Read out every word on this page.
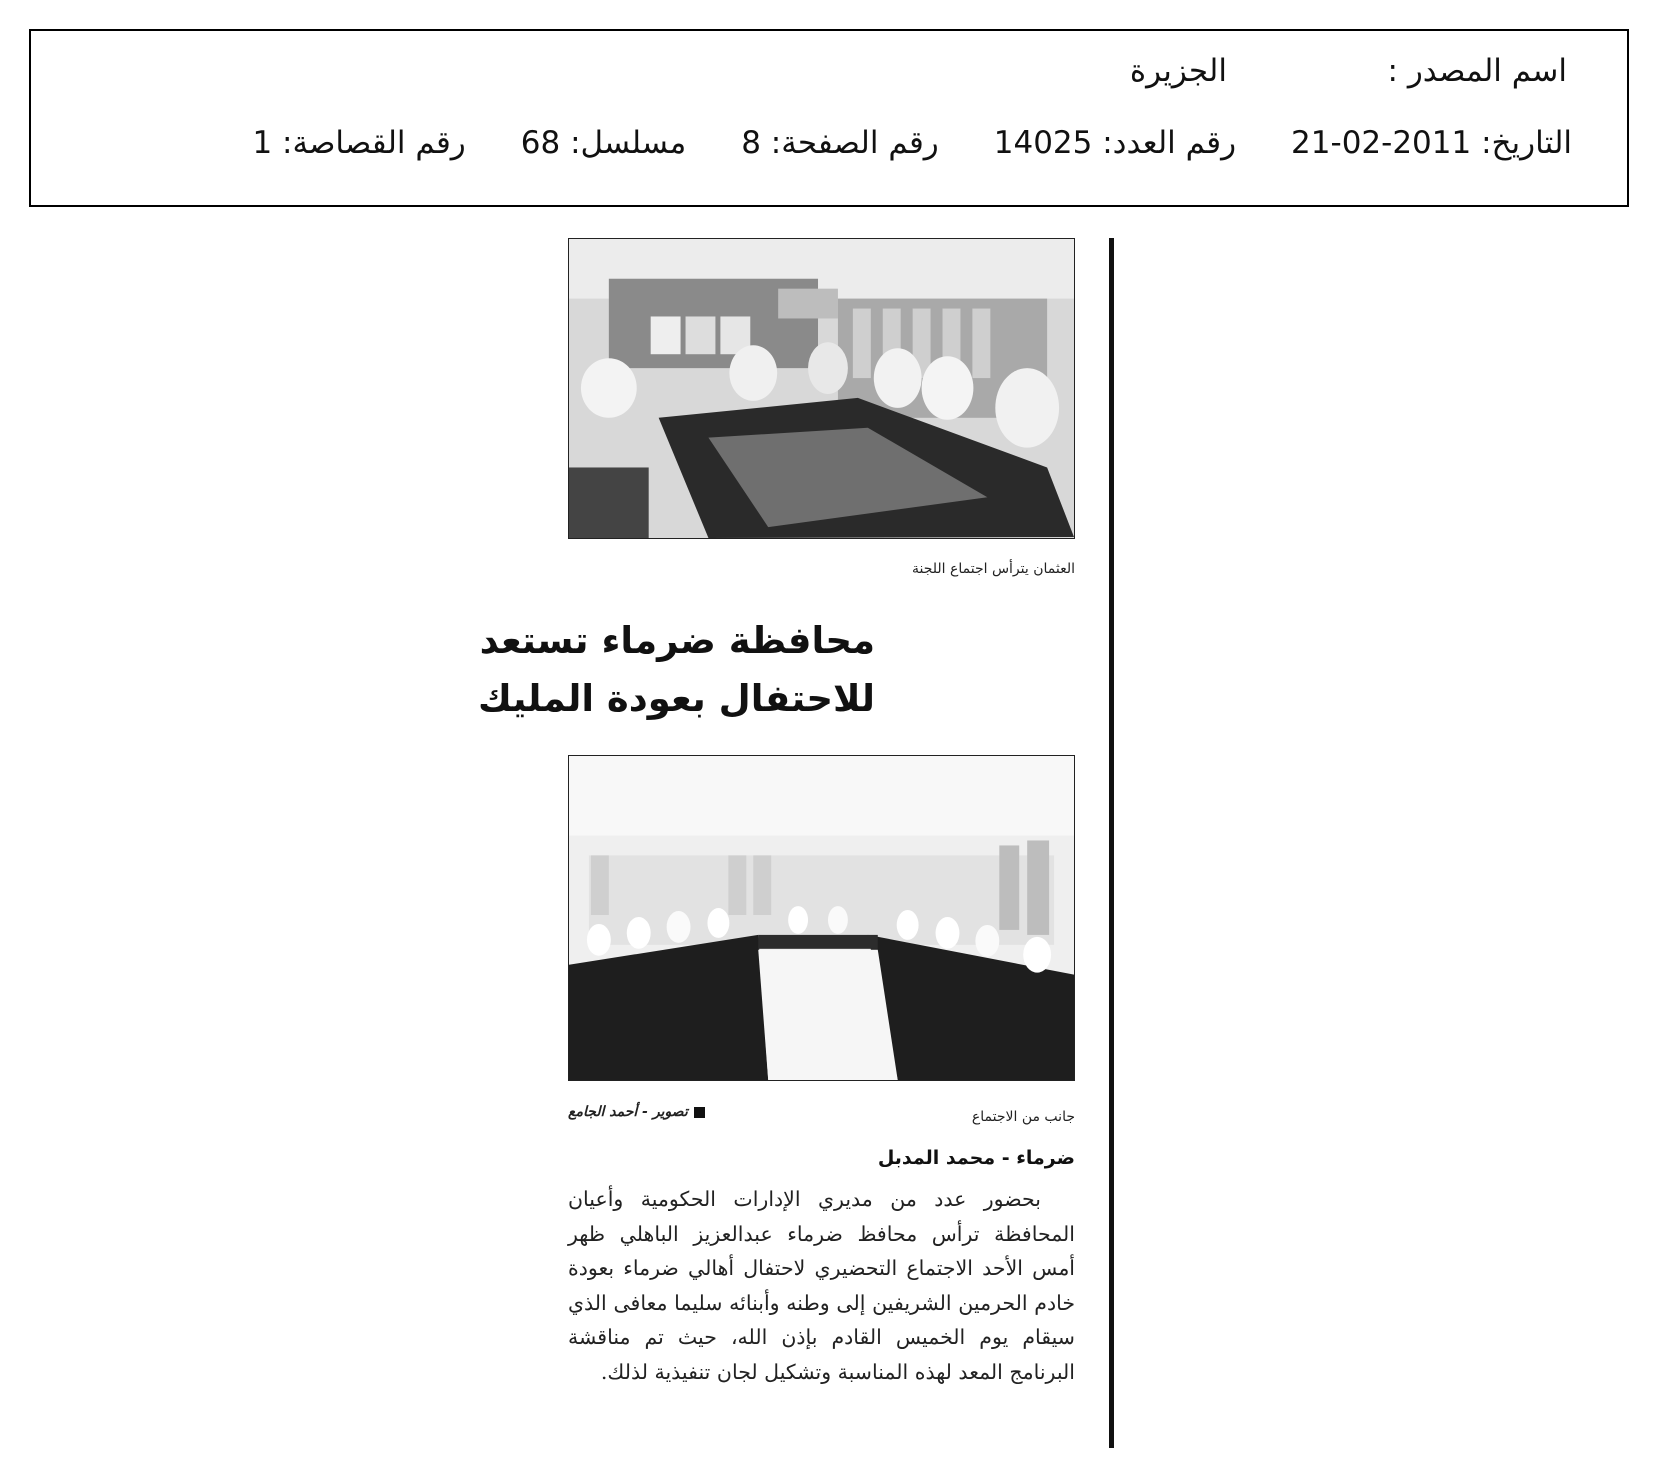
اسم المصدر :
الجزيرة
التاريخ: 2011-02-21
رقم العدد: 14025
رقم الصفحة: 8
مسلسل: 68
رقم القصاصة: 1
العثمان يترأس اجتماع اللجنة
محافظة ضرماء تستعد
للاحتفال بعودة المليك
جانب من الاجتماع
تصوير - أحمد الجامع
ضرماء - محمد المدبل

بحضور عدد من مديري الإدارات الحكومية وأعيان المحافظة ترأس محافظ ضرماء عبدالعزيز الباهلي ظهر أمس الأحد الاجتماع التحضيري لاحتفال أهالي ضرماء بعودة خادم الحرمين الشريفين إلى وطنه وأبنائه سليما معافى الذي سيقام يوم الخميس القادم بإذن الله، حيث تم مناقشة البرنامج المعد لهذه المناسبة وتشكيل لجان تنفيذية لذلك.
